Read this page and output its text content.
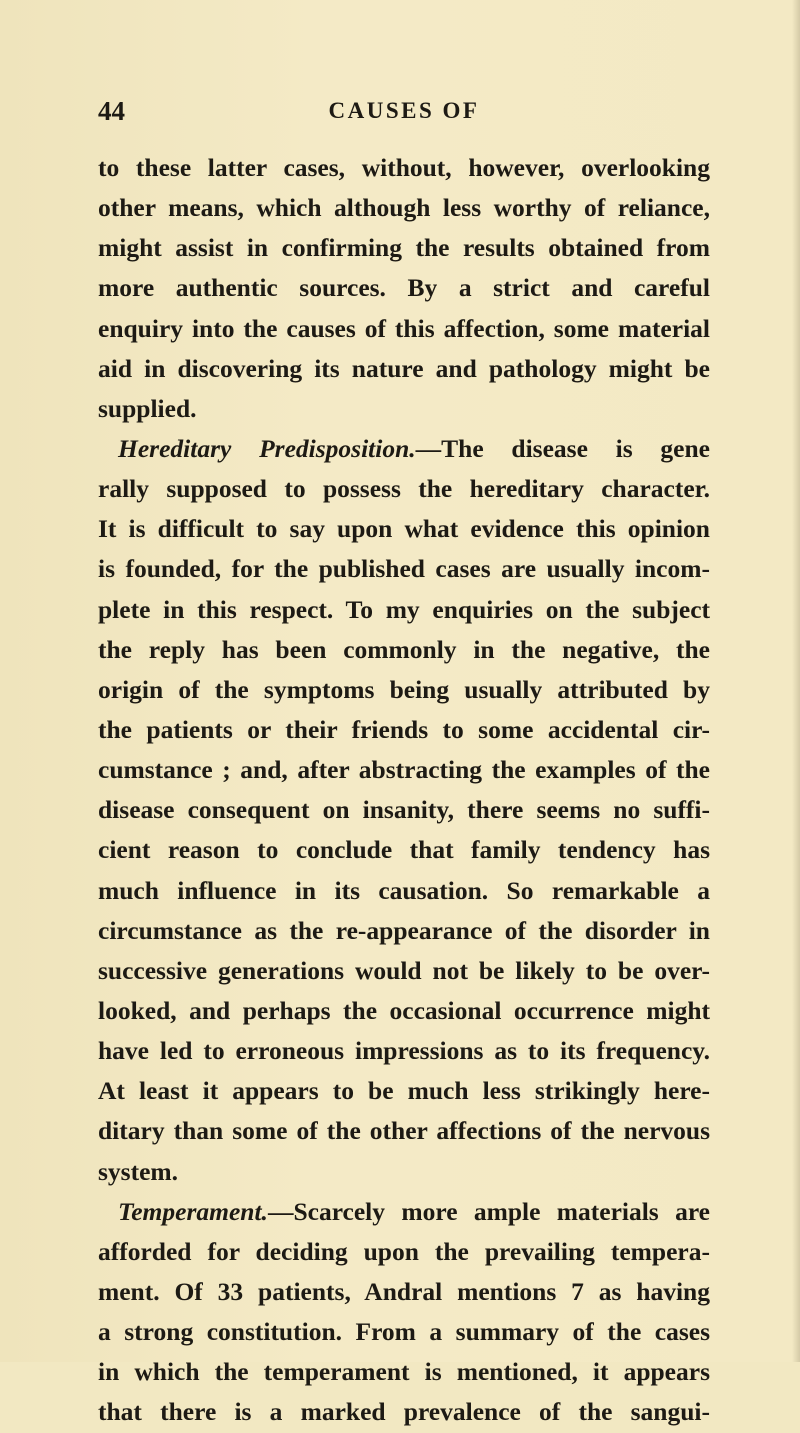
44	CAUSES OF
to these latter cases, without, however, overlooking
other means, which although less worthy of reliance,
might assist in confirming the results obtained from
more authentic sources. By a strict and careful
enquiry into the causes of this affection, some material
aid in discovering its nature and pathology might be
supplied.
Hereditary Predisposition.—The disease is gene
rally supposed to possess the hereditary character.
It is difficult to say upon what evidence this opinion
is founded, for the published cases are usually incom-
plete in this respect. To my enquiries on the subject
the reply has been commonly in the negative, the
origin of the symptoms being usually attributed by
the patients or their friends to some accidental cir-
cumstance ; and, after abstracting the examples of the
disease consequent on insanity, there seems no suffi-
cient reason to conclude that family tendency has
much influence in its causation. So remarkable a
circumstance as the re-appearance of the disorder in
successive generations would not be likely to be over-
looked, and perhaps the occasional occurrence might
have led to erroneous impressions as to its frequency.
At least it appears to be much less strikingly here-
ditary than some of the other affections of the nervous
system.
Temperament.—Scarcely more ample materials are
afforded for deciding upon the prevailing tempera-
ment. Of 33 patients, Andral mentions 7 as having
a strong constitution. From a summary of the cases
in which the temperament is mentioned, it appears
that there is a marked prevalence of the sangui-
